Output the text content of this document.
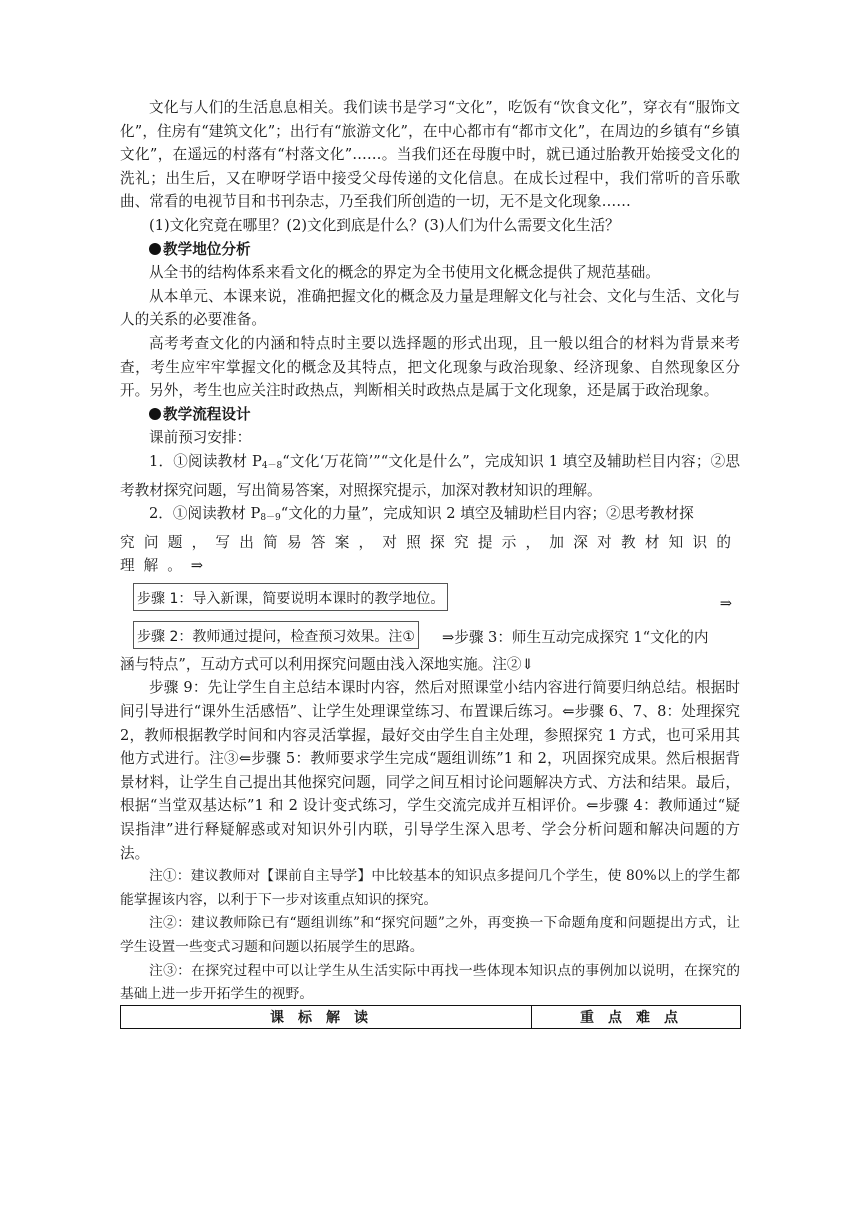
文化与人们的生活息息相关。我们读书是学习“文化”，吃饭有“饮食文化”，穿衣有“服饰文化”，住房有“建筑文化”；出行有“旅游文化”，在中心都市有“都市文化”，在周边的乡镇有“乡镇文化”，在遥远的村落有“村落文化”……。当我们还在母腹中时，就已通过胎教开始接受文化的洗礼；出生后，又在咿呀学语中接受父母传递的文化信息。在成长过程中，我们常听的音乐歌曲、常看的电视节目和书刊杂志，乃至我们所创造的一切，无不是文化现象……

(1)文化究竟在哪里？(2)文化到底是什么？(3)人们为什么需要文化生活？

教学地位分析

从全书的结构体系来看文化的概念的界定为全书使用文化概念提供了规范基础。

从本单元、本课来说，准确把握文化的概念及力量是理解文化与社会、文化与生活、文化与人的关系的必要准备。

高考考查文化的内涵和特点时主要以选择题的形式出现，且一般以组合的材料为背景来考查，考生应牢牢掌握文化的概念及其特点，把文化现象与政治现象、经济现象、自然现象区分开。另外，考生也应关注时政热点，判断相关时政热点是属于文化现象，还是属于政治现象。

教学流程设计

课前预习安排：

1．①阅读教材 $P_{4-8}“$文化‘万花筒’”“文化是什么”，完成知识 1 填空及辅助栏目内容；②思考教材探究问题，写出简易答案，对照探究提示，加深对教材知识的理解。

2．①阅读教材 $P_{8-9}“$文化的力量”，完成知识 2 填空及辅助栏目内容；②思考教材探

究问题，写出简易答案，对照探究提示，加深对教材知识的理解。⇒

步骤 1：导入新课，简要说明本课时的教学地位。	⇒
步骤 2：教师通过提问，检查预习效果。注① ⇒步骤 3：师生互动完成探究 1“文化的内

涵与特点”，互动方式可以利用探究问题由浅入深地实施。注②⇓

步骤 9：先让学生自主总结本课时内容，然后对照课堂小结内容进行简要归纳总结。根据时间引导进行“课外生活感悟”、让学生处理课堂练习、布置课后练习。⇐步骤 6、7、8：处理探究 2，教师根据教学时间和内容灵活掌握，最好交由学生自主处理，参照探究 1 方式，也可采用其他方式进行。注③⇐步骤 5：教师要求学生完成“题组训练”1 和 2，巩固探究成果。然后根据背景材料，让学生自己提出其他探究问题，同学之间互相讨论问题解决方式、方法和结果。最后，根据“当堂双基达标”1 和 2 设计变式练习，学生交流完成并互相评价。⇐步骤 4：教师通过“疑误指津”进行释疑解惑或对知识外引内联，引导学生深入思考、学会分析问题和解决问题的方法。

注①：建议教师对【课前自主导学】中比较基本的知识点多提问几个学生，使 80%以上的学生都能掌握该内容，以利于下一步对该重点知识的探究。

注②：建议教师除已有“题组训练”和“探究问题”之外，再变换一下命题角度和问题提出方式，让学生设置一些变式习题和问题以拓展学生的思路。

注③：在探究过程中可以让学生从生活实际中再找一些体现本知识点的事例加以说明，在探究的基础上进一步开拓学生的视野。

课标解读	重点难点
